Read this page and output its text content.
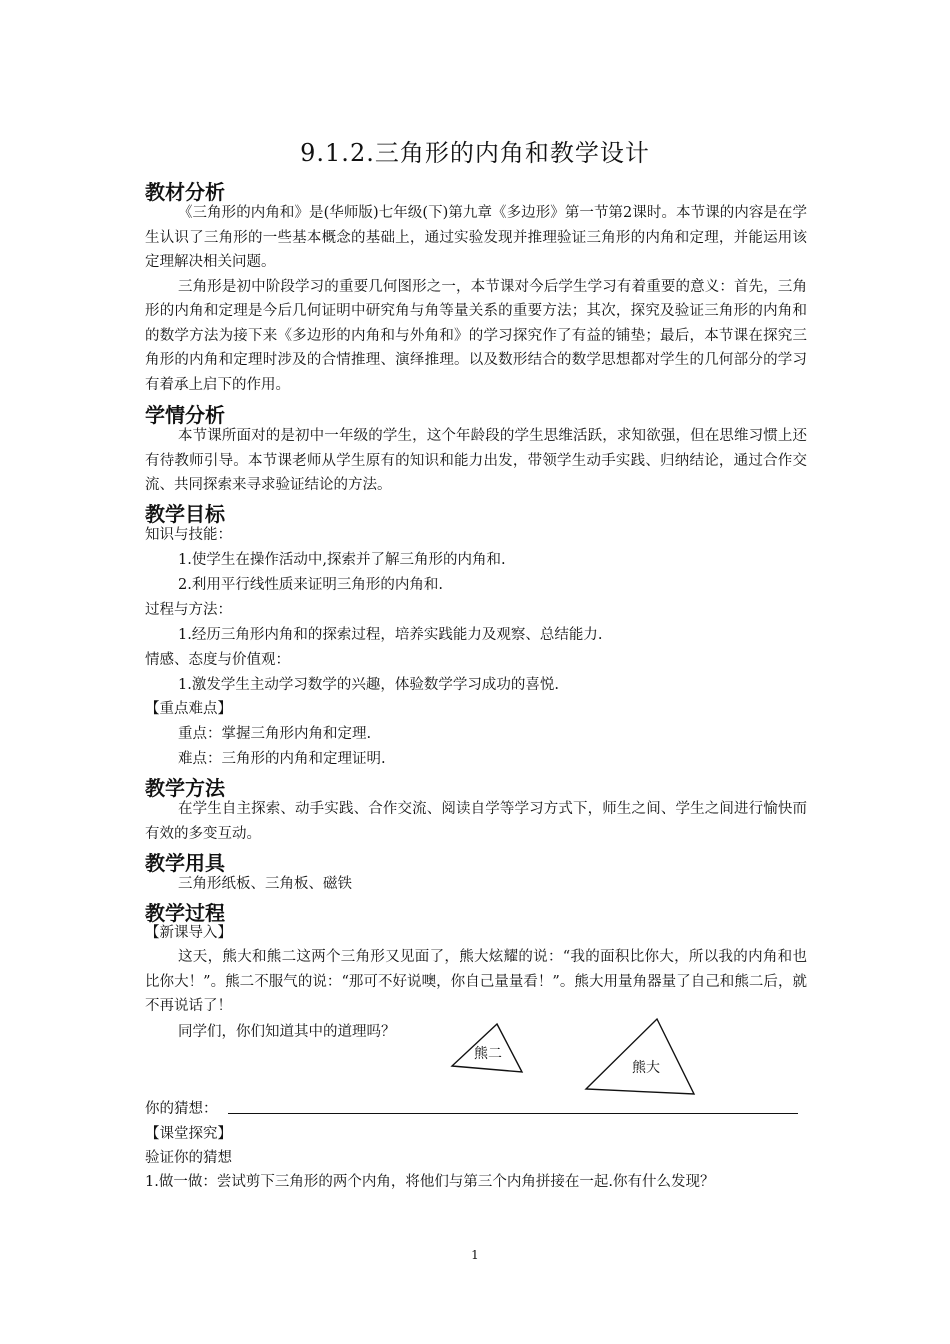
9.1.2.三角形的内角和教学设计
教材分析

《三角形的内角和》是(华师版)七年级(下)第九章《多边形》第一节第2课时。本节课的内容是在学生认识了三角形的一些基本概念的基础上，通过实验发现并推理验证三角形的内角和定理，并能运用该定理解决相关问题。

三角形是初中阶段学习的重要几何图形之一，本节课对今后学生学习有着重要的意义：首先，三角形的内角和定理是今后几何证明中研究角与角等量关系的重要方法；其次，探究及验证三角形的内角和的数学方法为接下来《多边形的内角和与外角和》的学习探究作了有益的铺垫；最后，本节课在探究三角形的内角和定理时涉及的合情推理、演绎推理。以及数形结合的数学思想都对学生的几何部分的学习有着承上启下的作用。

学情分析

本节课所面对的是初中一年级的学生，这个年龄段的学生思维活跃，求知欲强，但在思维习惯上还有待教师引导。本节课老师从学生原有的知识和能力出发，带领学生动手实践、归纳结论，通过合作交流、共同探索来寻求验证结论的方法。

教学目标
知识与技能：
1.使学生在操作活动中,探索并了解三角形的内角和.
2.利用平行线性质来证明三角形的内角和.
过程与方法：
1.经历三角形内角和的探索过程，培养实践能力及观察、总结能力.
情感、态度与价值观：
1.激发学生主动学习数学的兴趣，体验数学学习成功的喜悦.
【重点难点】
重点：掌握三角形内角和定理.
难点：三角形的内角和定理证明.
教学方法

在学生自主探索、动手实践、合作交流、阅读自学等学习方式下，师生之间、学生之间进行愉快而有效的多变互动。

教学用具
三角形纸板、三角板、磁铁
教学过程
【新课导入】

这天，熊大和熊二这两个三角形又见面了，熊大炫耀的说：“我的面积比你大，所以我的内角和也比你大！”。熊二不服气的说：“那可不好说噢，你自己量量看！”。熊大用量角器量了自己和熊二后，就不再说话了！

同学们，你们知道其中的道理吗？
熊二
熊大
你的猜想：
【课堂探究】
验证你的猜想
1.做一做：尝试剪下三角形的两个内角，将他们与第三个内角拼接在一起.你有什么发现？
1
